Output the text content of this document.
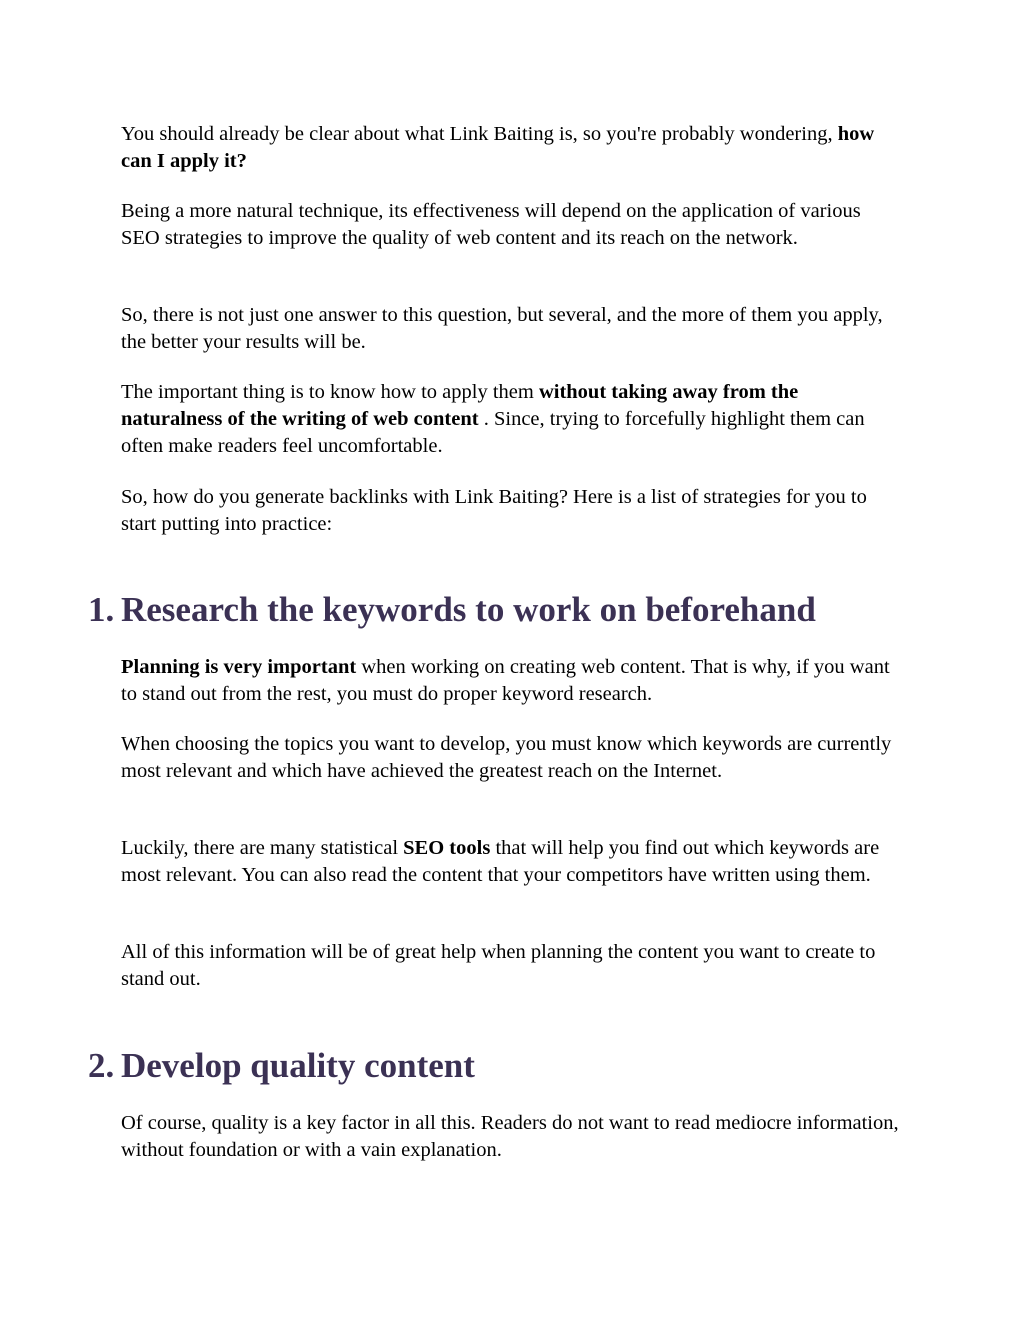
You should already be clear about what Link Baiting is, so you're probably wondering, how can I apply it?

Being a more natural technique, its effectiveness will depend on the application of various SEO strategies to improve the quality of web content and its reach on the network.

So, there is not just one answer to this question, but several, and the more of them you apply, the better your results will be.

The important thing is to know how to apply them without taking away from the naturalness of the writing of web content . Since, trying to forcefully highlight them can often make readers feel uncomfortable.

So, how do you generate backlinks with Link Baiting? Here is a list of strategies for you to start putting into practice:

1. Research the keywords to work on beforehand

Planning is very important when working on creating web content. That is why, if you want to stand out from the rest, you must do proper keyword research.

When choosing the topics you want to develop, you must know which keywords are currently most relevant and which have achieved the greatest reach on the Internet.

Luckily, there are many statistical SEO tools that will help you find out which keywords are most relevant. You can also read the content that your competitors have written using them.

All of this information will be of great help when planning the content you want to create to stand out.

2. Develop quality content

Of course, quality is a key factor in all this. Readers do not want to read mediocre information, without foundation or with a vain explanation.
